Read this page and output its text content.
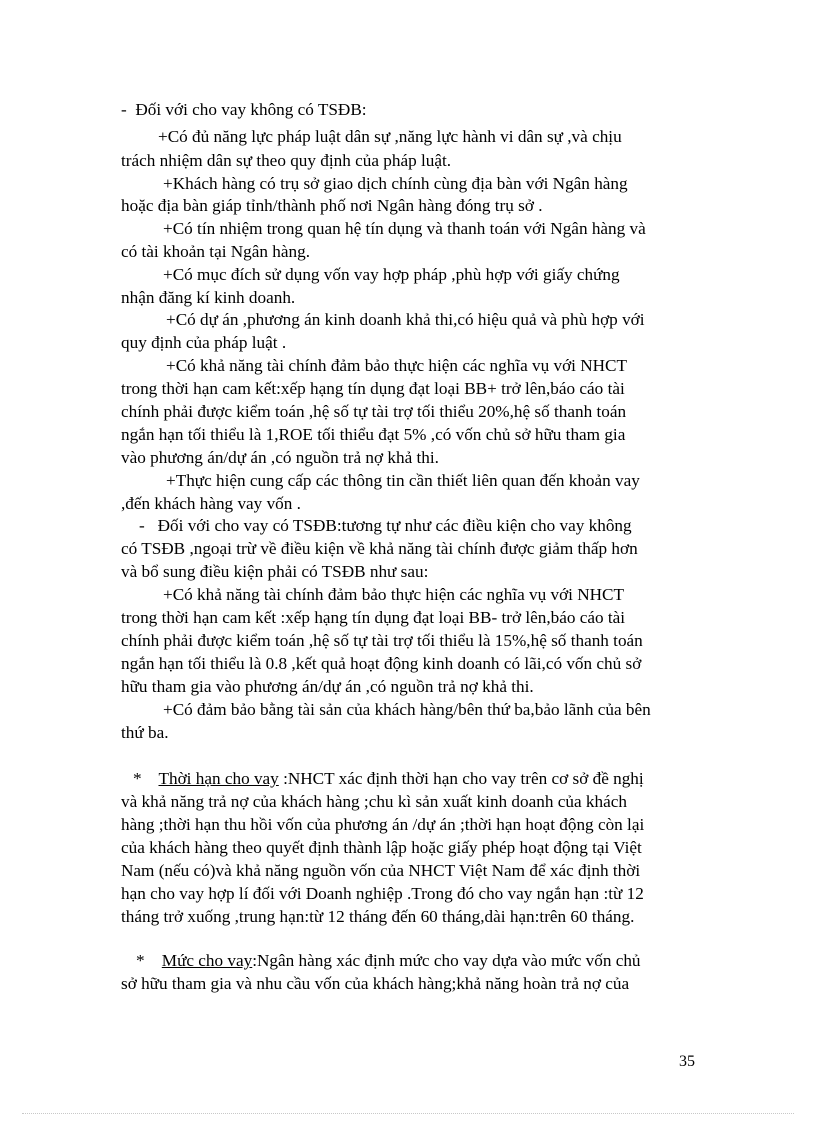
-  Đối với cho vay không có TSĐB:
+Có đủ năng lực pháp luật dân sự ,năng lực hành vi dân sự ,và chịu
trách nhiệm dân sự theo quy định của pháp luật.
+Khách hàng có trụ sở giao dịch chính cùng địa bàn với Ngân hàng
hoặc địa bàn giáp tỉnh/thành phố nơi Ngân hàng đóng trụ sở .
+Có tín nhiệm trong quan hệ tín dụng và thanh toán với Ngân hàng và
có tài khoản tại Ngân hàng.
+Có mục đích sử dụng vốn vay hợp pháp ,phù hợp với giấy chứng
nhận đăng kí kinh doanh.
+Có dự án ,phương án kinh doanh khả thi,có hiệu quả và phù hợp với
quy định của pháp luật .
+Có khả năng tài chính đảm bảo thực hiện các nghĩa vụ với NHCT
trong thời hạn cam kết:xếp hạng tín dụng đạt loại BB+ trở lên,báo cáo tài
chính phải được kiểm toán ,hệ số tự tài trợ tối thiểu 20%,hệ số thanh toán
ngắn hạn tối thiểu là 1,ROE tối thiểu đạt 5% ,có vốn chủ sở hữu tham gia
vào phương án/dự án ,có nguồn trả nợ khả thi.
+Thực hiện cung cấp các thông tin cần thiết liên quan đến khoản vay
,đến khách hàng vay vốn .
-   Đối với cho vay có TSĐB:tương tự như các điều kiện cho vay không
có TSĐB ,ngoại trừ về điều kiện về khả năng tài chính được giảm thấp hơn
và bổ sung điều kiện phải có TSĐB như sau:
+Có khả năng tài chính đảm bảo thực hiện các nghĩa vụ với NHCT
trong thời hạn cam kết :xếp hạng tín dụng đạt loại BB- trở lên,báo cáo tài
chính phải được kiểm toán ,hệ số tự tài trợ tối thiểu là 15%,hệ số thanh toán
ngắn hạn tối thiểu là 0.8 ,kết quả hoạt động kinh doanh có lãi,có vốn chủ sở
hữu tham gia vào phương án/dự án ,có nguồn trả nợ khả thi.
+Có đảm bảo bằng tài sản của khách hàng/bên thứ ba,bảo lãnh của bên
thứ ba.
* Thời hạn cho vay :NHCT xác định thời hạn cho vay trên cơ sở đề nghị
và khả năng trả nợ của khách hàng ;chu kì sản xuất kinh doanh của khách
hàng ;thời hạn thu hồi vốn của phương án /dự án ;thời hạn hoạt động còn lại
của khách hàng theo quyết định thành lập hoặc giấy phép hoạt động tại Việt
Nam (nếu có)và khả năng nguồn vốn của NHCT Việt Nam để xác định thời
hạn cho vay hợp lí đối với Doanh nghiệp .Trong đó cho vay ngắn hạn :từ 12
tháng trở xuống ,trung hạn:từ 12 tháng đến 60 tháng,dài hạn:trên 60 tháng.
* Mức cho vay:Ngân hàng xác định mức cho vay dựa vào mức vốn chủ
sở hữu tham gia và nhu cầu vốn của khách hàng;khả năng hoàn trả nợ của
35
